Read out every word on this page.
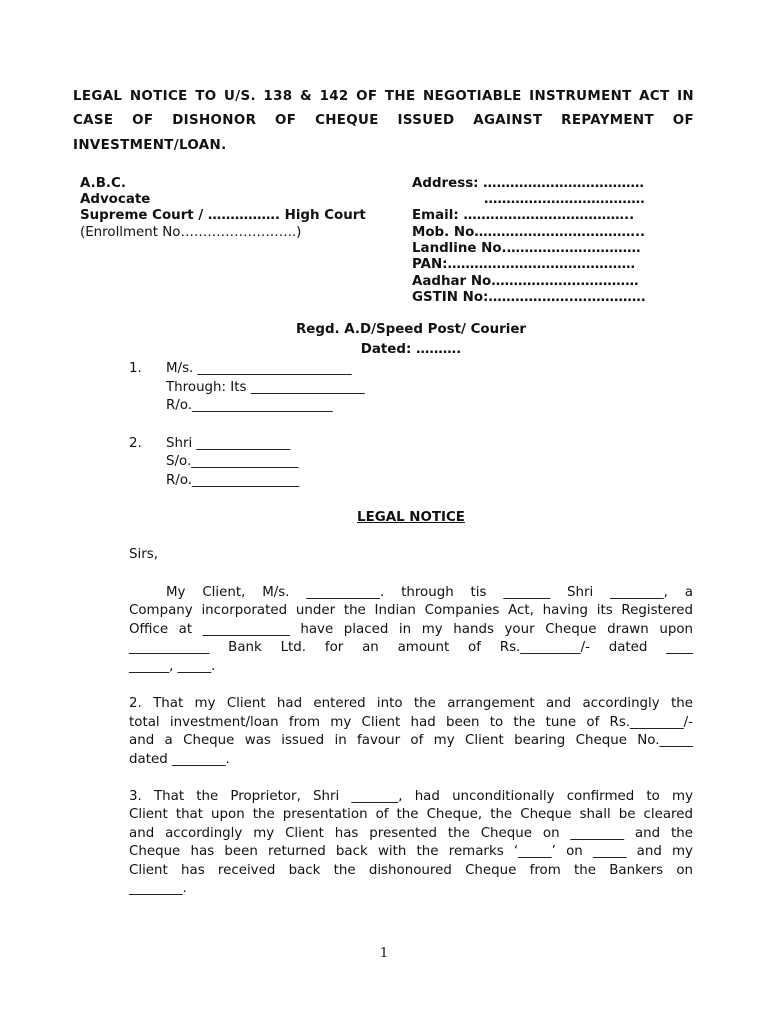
LEGAL NOTICE TO U/S. 138 & 142 OF THE NEGOTIABLE INSTRUMENT ACT IN
CASE OF DISHONOR OF CHEQUE ISSUED AGAINST REPAYMENT OF
INVESTMENT/LOAN.
A.B.C.
Advocate
Supreme Court / ……………. High Court
(Enrollment No……………………..)
Address: ………………………………
………………………………
Email: ………………………………..
Mob. No………………………………..
Landline No.…………………………
PAN:……………………………………
Aadhar No……………………………
GSTIN No:……………….…………….
Regd. A.D/Speed Post/ Courier
Dated: ……….
1. M/s. _______________________
Through: Its _________________
R/o._____________________
2. Shri ______________
S/o.________________
R/o.________________
LEGAL NOTICE
Sirs,
My Client, M/s. ___________. through tis _______ Shri ________, a
Company incorporated under the Indian Companies Act, having its Registered
Office at _____________ have placed in my hands your Cheque drawn upon
____________ Bank Ltd. for an amount of Rs._________/- dated ____
______, _____.
2. That my Client had entered into the arrangement and accordingly the
total investment/loan from my Client had been to the tune of Rs.________/-
and a Cheque was issued in favour of my Client bearing Cheque No._____
dated ________.
3. That the Proprietor, Shri _______, had unconditionally confirmed to my
Client that upon the presentation of the Cheque, the Cheque shall be cleared
and accordingly my Client has presented the Cheque on ________ and the
Cheque has been returned back with the remarks ‘_____’ on _____ and my
Client has received back the dishonoured Cheque from the Bankers on
________.
1
